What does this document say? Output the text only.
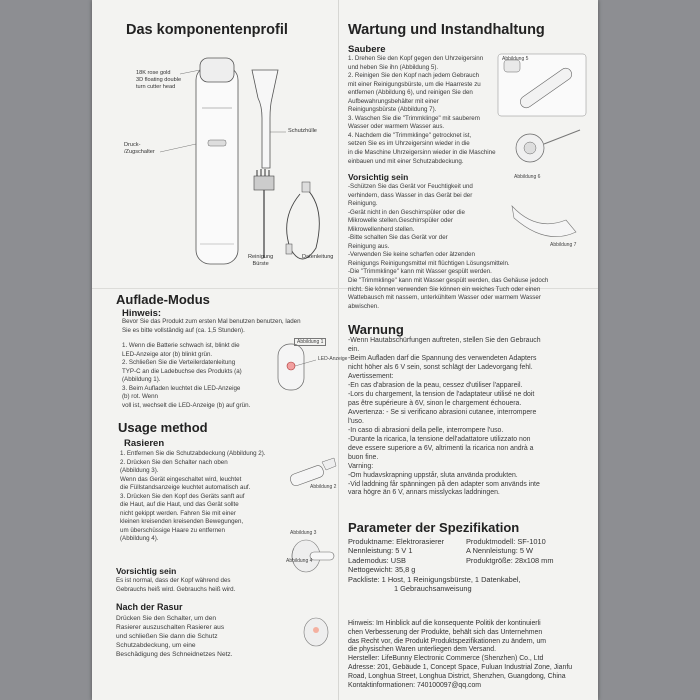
Das komponentenprofil
18K rose gold
3D floating double
turn cutter head
Druck-
/Zugschalter
Schutzhülle
Reinigung
Bürste
Datenleitung
Auflade-Modus
Hinweis:
Bevor Sie das Produkt zum ersten Mal benutzen benutzen, laden
Sie es bitte vollständig auf (ca. 1,5 Stunden).
Abbildung 1
LED-Anzeige
1. Wenn die Batterie schwach ist, blinkt die
LED-Anzeige ator (b) blinkt grün.
2. Schließen Sie die Verteilerdatenleitung
TYP-C an die Ladebuchse des Produkts (a)
(Abbildung 1).
3. Beim Aufladen leuchtet die LED-Anzeige
(b) rot. Wenn
voll ist, wechselt die LED-Anzeige (b) auf grün.
Usage method
Rasieren
1. Entfernen Sie die Schutzabdeckung (Abbildung 2).
2. Drücken Sie den Schalter nach oben
(Abbildung 3).
Wenn das Gerät eingeschaltet wird, leuchtet
die Füllstandsanzeige leuchtet automatisch auf.
3. Drücken Sie den Kopf des Geräts sanft auf
die Haut, auf die Haut, und das Gerät sollte
nicht gekippt werden. Fahren Sie mit einer
kleinen kreisenden kreisenden Bewegungen,
um überschüssige Haare zu entfernen
(Abbildung 4).
Abbildung 2
Abbildung 3
Abbildung 4
Vorsichtig sein
Es ist normal, dass der Kopf während des
Gebrauchs heiß wird. Gebrauchs heiß wird.
Nach der Rasur
Drücken Sie den Schalter, um den
Rasierer auszuschalten Rasierer aus
und schließen Sie dann die Schutz
Schutzabdeckung, um eine
Beschädigung des Schneidnetzes Netz.
Wartung und Instandhaltung
Saubere
1. Drehen Sie den Kopf gegen den Uhrzeigersinn
und heben Sie ihn (Abbildung 5).
2. Reinigen Sie den Kopf nach jedem Gebrauch
mit einer Reinigungsbürste, um die Haarreste zu
entfernen (Abbildung 6), und reinigen Sie den
Aufbewahrungsbehälter mit einer
Reinigungsbürste (Abbildung 7).
3. Waschen Sie die "Trimmklinge" mit sauberem
Wasser oder warmem Wasser aus.
4. Nachdem die "Trimmklinge" getrocknet ist,
setzen Sie es im Uhrzeigersinn wieder in die
in die Maschine Uhrzeigersinn wieder in die Maschine
einbauen und mit einer Schutzabdeckung.
Abbildung 5
Abbildung 6
Abbildung 7
Vorsichtig sein
-Schützen Sie das Gerät vor Feuchtigkeit und
verhindern, dass Wasser in das Gerät bei der
Reinigung.
-Gerät nicht in den Geschirrspüler oder die
Mikrowelle stellen.Geschirrspüler oder
Mikrowellenherd stellen.
-Bitte schalten Sie das Gerät vor der
Reinigung aus.
-Verwenden Sie keine scharfen oder ätzenden
Reinigungs Reinigungsmittel mit flüchtigen Lösungsmitteln.
-Die "Trimmklinge" kann mit Wasser gespült werden.
Die "Trimmklinge" kann mit Wasser gespült werden, das Gehäuse jedoch
nicht. Sie können verwenden Sie können ein weiches Tuch oder einen
Wattebausch mit nassem, unterkühltem Wasser oder warmem Wasser
abwischen.
Warnung
-Wenn Hautabschürfungen auftreten, stellen Sie den Gebrauch
ein.
-Beim Aufladen darf die Spannung des verwendeten Adapters
nicht höher als 6 V sein, sonst schlägt der Ladevorgang fehl.
Avertissement:
-En cas d'abrasion de la peau, cessez d'utiliser l'appareil.
-Lors du chargement, la tension de l'adaptateur utilisé ne doit
pas être supérieure à 6V, sinon le chargement échouera.
Avvertenza: - Se si verificano abrasioni cutanee, interrompere
l'uso.
-In caso di abrasioni della pelle, interrompere l'uso.
-Durante la ricarica, la tensione dell'adattatore utilizzato non
deve essere superiore a 6V, altrimenti la ricarica non andrà a
buon fine.
Varning:
-Om hudavskrapning uppstår, sluta använda produkten.
-Vid laddning får spänningen på den adapter som används inte
vara högre än 6 V, annars misslyckas laddningen.
Parameter der Spezifikation
Produktname: Elektrorasierer	Produktmodell: SF-1010
Nennleistung: 5 V 1	A Nennleistung: 5 W
Lademodus: USB	Produktgröße: 28x108 mm
Nettogewicht: 35,8 g
Packliste: 1 Host, 1 Reinigungsbürste, 1 Datenkabel,
1 Gebrauchsanweisung
Hinweis: Im Hinblick auf die konsequente Politik der kontinuierli
chen Verbesserung der Produkte, behält sich das Unternehmen
das Recht vor, die Produkt Produktspezifikationen zu ändern, um
die physischen Waren unterliegen dem Versand.
Hersteller: LifeBunny Electronic Commerce (Shenzhen) Co., Ltd
Adresse: 201, Gebäude 1, Concept Space, Fuluan Industrial Zone, Jianfu
Road, Longhua Street, Longhua District, Shenzhen, Guangdong, China
Kontaktinformationen: 740100097@qq.com
